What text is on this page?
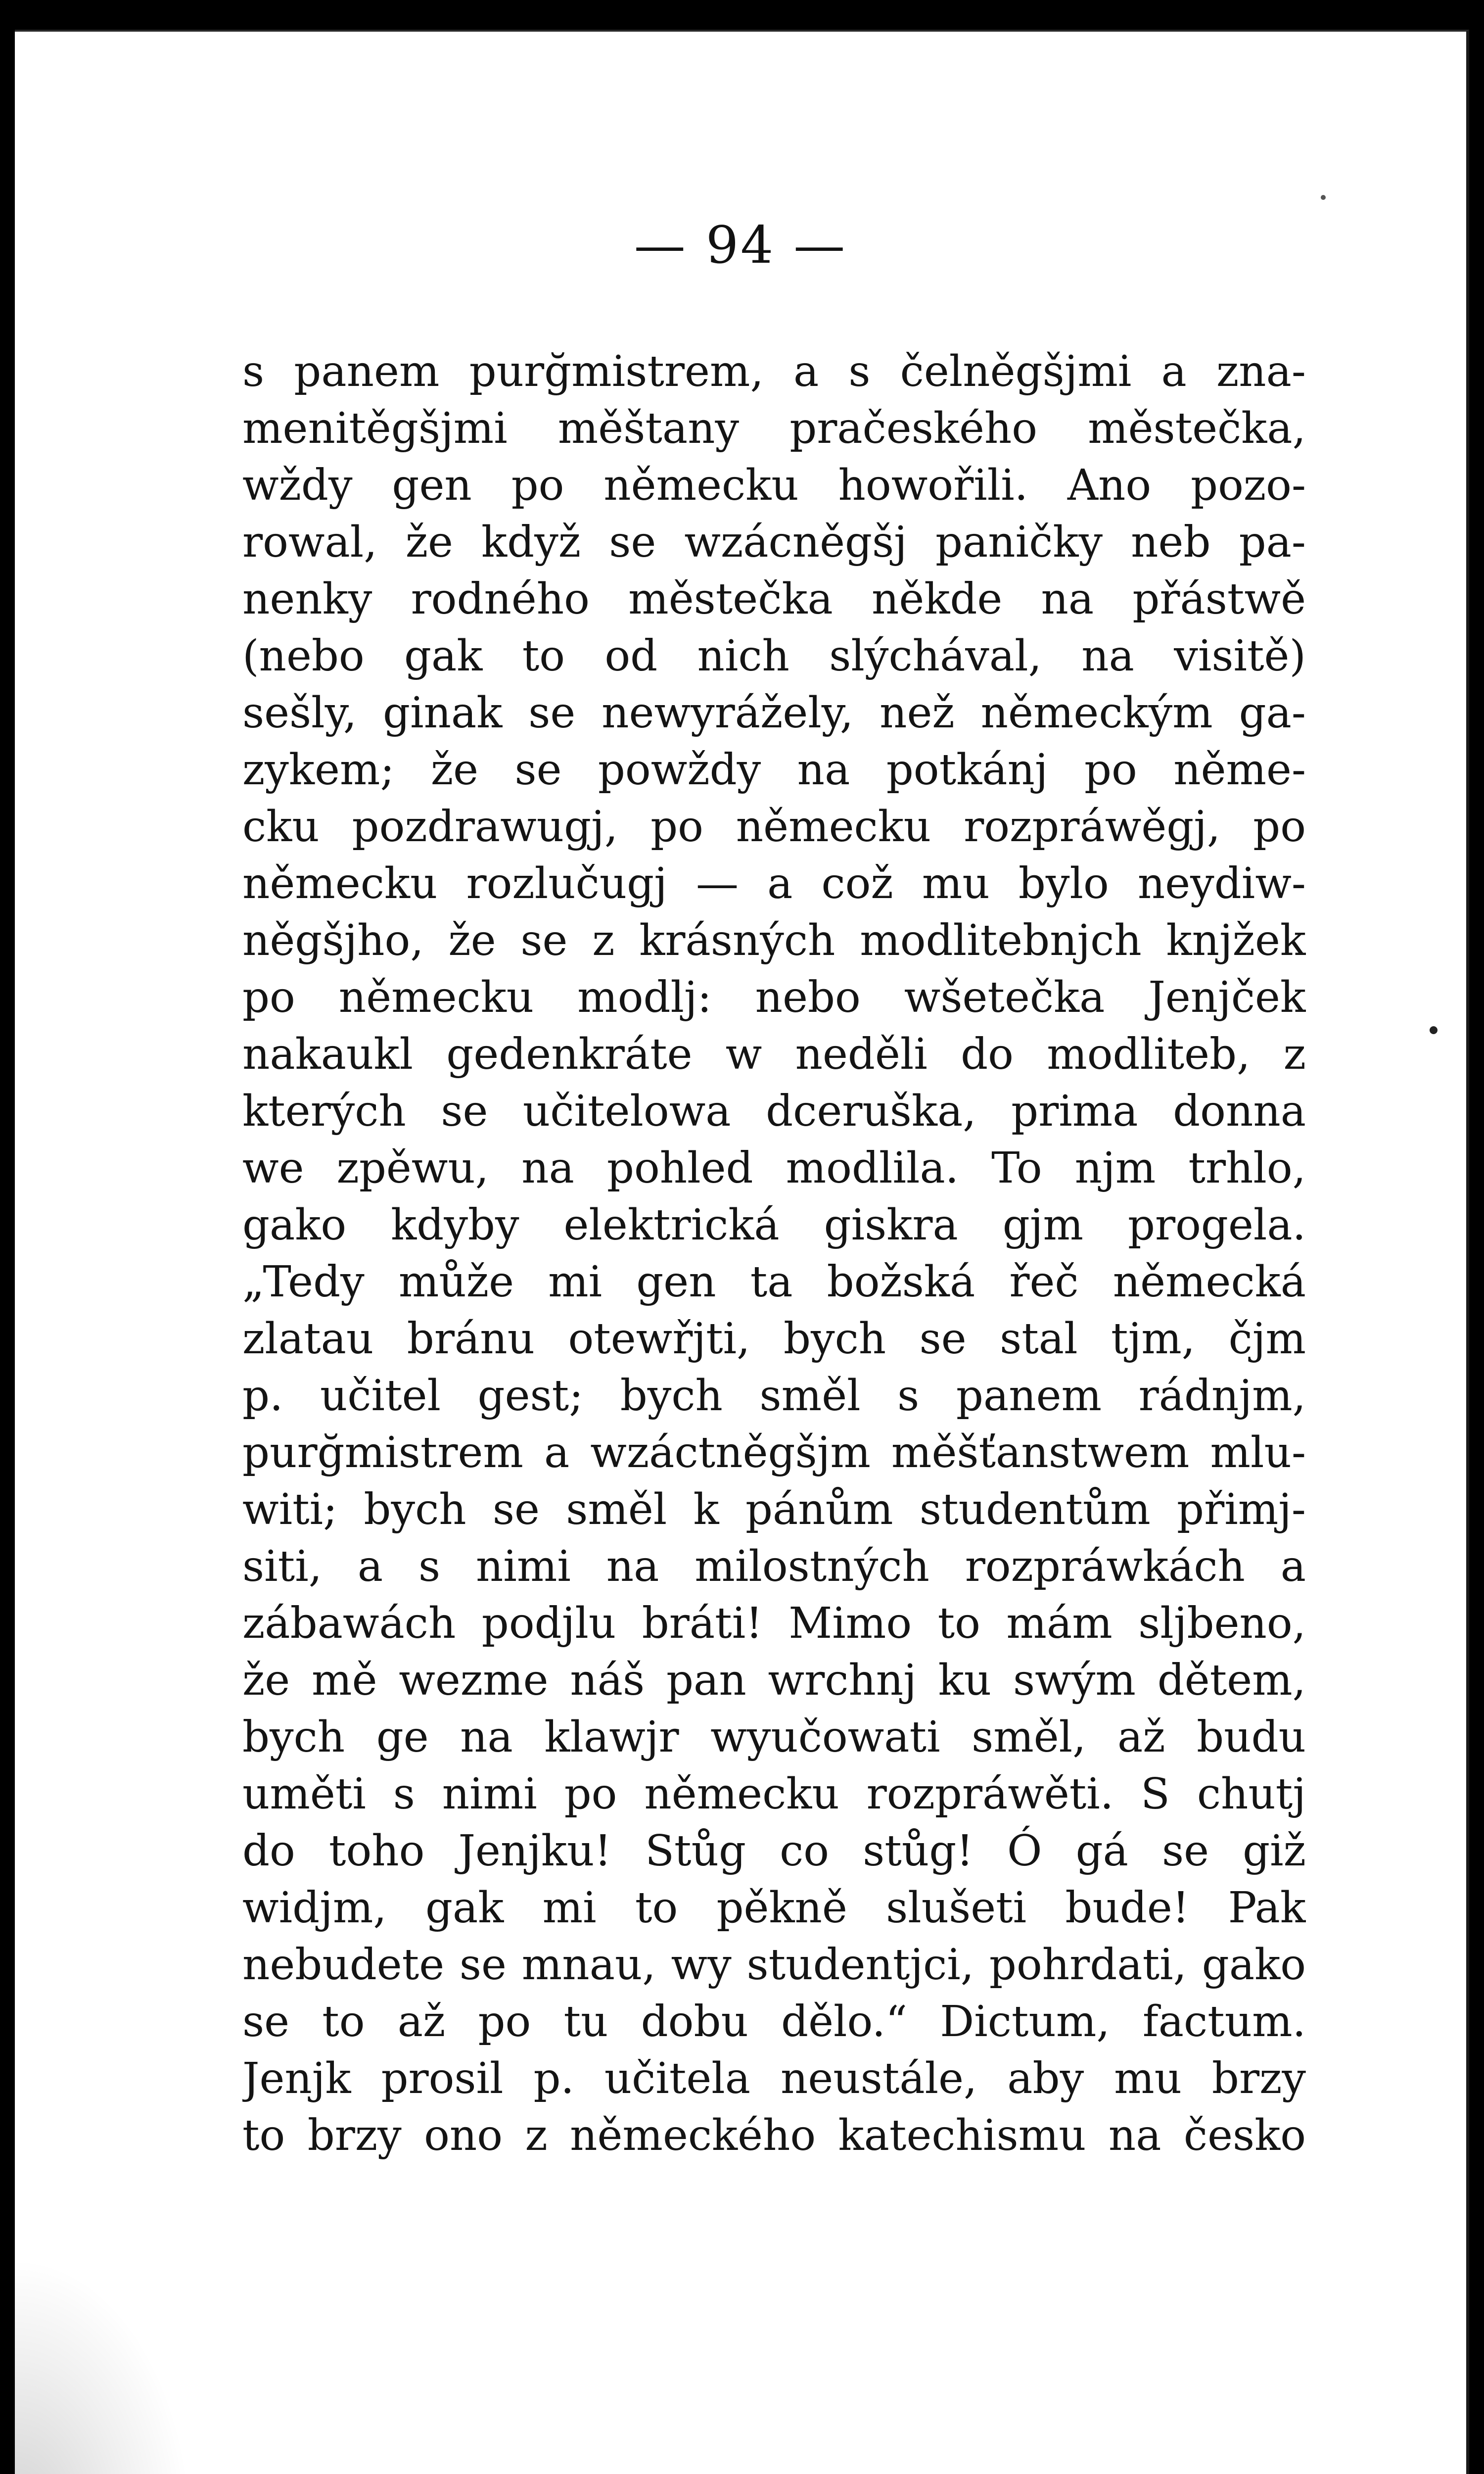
— 94 —
s panem purğmistrem, a s čelněgšjmi a zna-
menitěgšjmi měštany pračeského městečka,
wždy gen po německu howořili. Ano pozo-
rowal, že když se wzácněgšj paničky neb pa-
nenky rodného městečka někde na přástwě
(nebo gak to od nich slýchával, na visitě)
sešly, ginak se newyrážely, než německým ga-
zykem; že se powždy na potkánj po něme-
cku pozdrawugj, po německu rozpráwěgj, po
německu rozlučugj — a což mu bylo neydiw-
něgšjho, že se z krásných modlitebnjch knjžek
po německu modlj: nebo wšetečka Jenjček
nakaukl gedenkráte w neděli do modliteb, z
kterých se učitelowa dceruška, prima donna
we zpěwu, na pohled modlila. To njm trhlo,
gako kdyby elektrická giskra gjm progela.
„Tedy může mi gen ta božská řeč německá
zlatau bránu otewřjti, bych se stal tjm, čjm
p. učitel gest; bych směl s panem rádnjm,
purğmistrem a wzáctněgšjm měšťanstwem mlu-
witi; bych se směl k pánům studentům přimj-
siti, a s nimi na milostných rozpráwkách a
zábawách podjlu bráti! Mimo to mám sljbeno,
že mě wezme náš pan wrchnj ku swým dětem,
bych ge na klawjr wyučowati směl, až budu
uměti s nimi po německu rozpráwěti. S chutj
do toho Jenjku! Stůg co stůg! Ó gá se giž
widjm, gak mi to pěkně slušeti bude! Pak
nebudete se mnau, wy studentjci, pohrdati, gako
se to až po tu dobu dělo.“ Dictum, factum.
Jenjk prosil p. učitela neustále, aby mu brzy
to brzy ono z německého katechismu na česko
